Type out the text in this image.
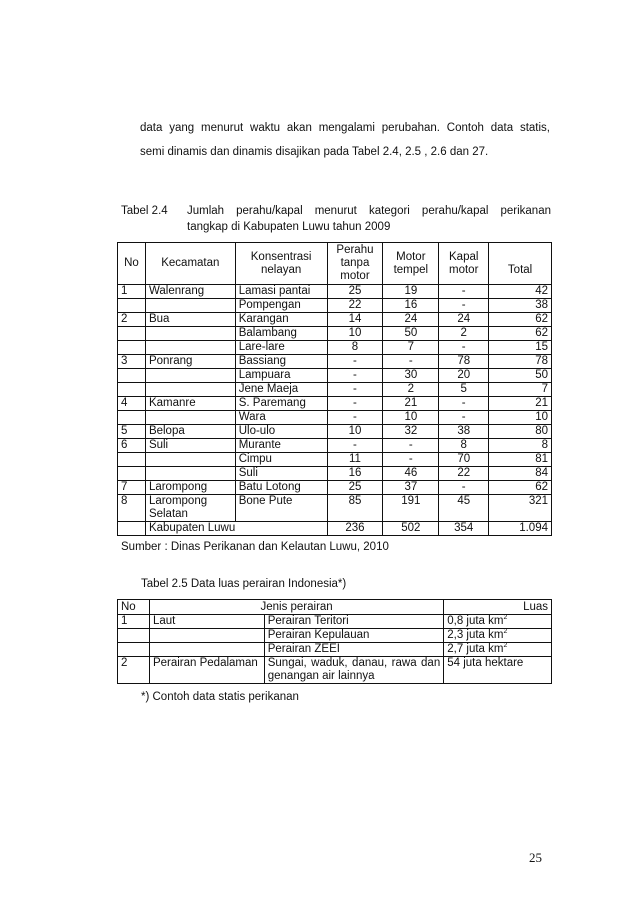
data yang menurut waktu akan mengalami perubahan. Contoh data statis,
semi dinamis dan dinamis disajikan pada Tabel 2.4, 2.5 , 2.6 dan 27.
Tabel 2.4 Jumlah perahu/kapal menurut kategori perahu/kapal perikanan
tangkap di Kabupaten Luwu tahun 2009
No	Kecamatan	Konsentrasi nelayan	Perahu tanpa motor	Motor tempel	Kapal motor	Total
1	Walenrang	Lamasi pantai	25	19	-	42
		Pompengan	22	16	-	38
2	Bua	Karangan	14	24	24	62
		Balambang	10	50	2	62
		Lare-lare	8	7	-	15
3	Ponrang	Bassiang	-	-	78	78
		Lampuara	-	30	20	50
		Jene Maeja	-	2	5	7
4	Kamanre	S. Paremang	-	21	-	21
		Wara	-	10	-	10
5	Belopa	Ulo-ulo	10	32	38	80
6	Suli	Murante	-	-	8	8
		Cimpu	11	-	70	81
		Suli	16	46	22	84
7	Larompong	Batu Lotong	25	37	-	62
8	Larompong Selatan	Bone Pute	85	191	45	321
	Kabupaten Luwu		236	502	354	1.094
Sumber : Dinas Perikanan dan Kelautan Luwu, 2010
Tabel 2.5 Data luas perairan Indonesia*)
No	Jenis perairan		Luas
1	Laut	Perairan Teritori	0,8 juta $km^2$
		Perairan Kepulauan	2,3 juta $km^2$
		Perairan ZEEI	2,7 juta $km^2$
2	Perairan Pedalaman	Sungai, waduk, danau, rawa dan genangan air lainnya	54 juta hektare
*) Contoh data statis perikanan
25
